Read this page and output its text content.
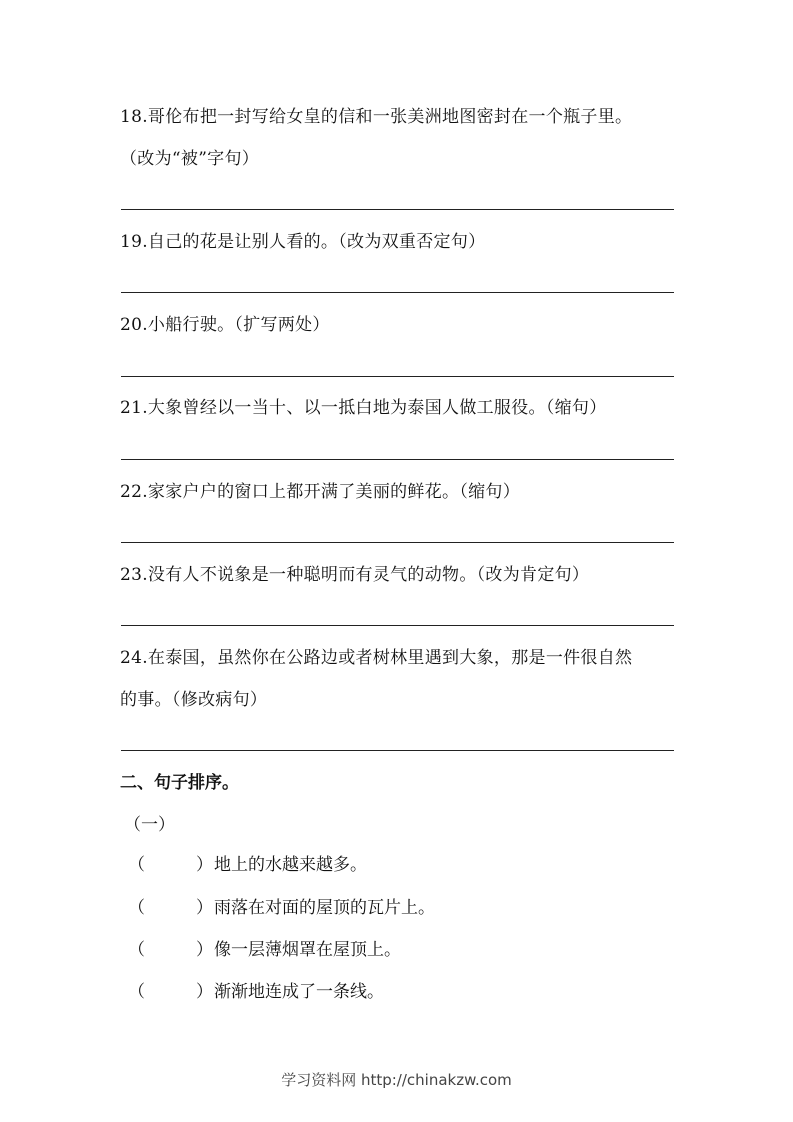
18.哥伦布把一封写给女皇的信和一张美洲地图密封在一个瓶子里。
（改为“被”字句）
19.自己的花是让别人看的。（改为双重否定句）
20.小船行驶。（扩写两处）
21.大象曾经以一当十、以一抵白地为泰国人做工服役。（缩句）
22.家家户户的窗口上都开满了美丽的鲜花。（缩句）
23.没有人不说象是一种聪明而有灵气的动物。（改为肯定句）
24.在泰国，虽然你在公路边或者树林里遇到大象，那是一件很自然
的事。（修改病句）
二、句子排序。
（一）
（	） 地上的水越来越多。
（	） 雨落在对面的屋顶的瓦片上。
（	） 像一层薄烟罩在屋顶上。
（	） 渐渐地连成了一条线。
学习资料网 http://chinakzw.com
